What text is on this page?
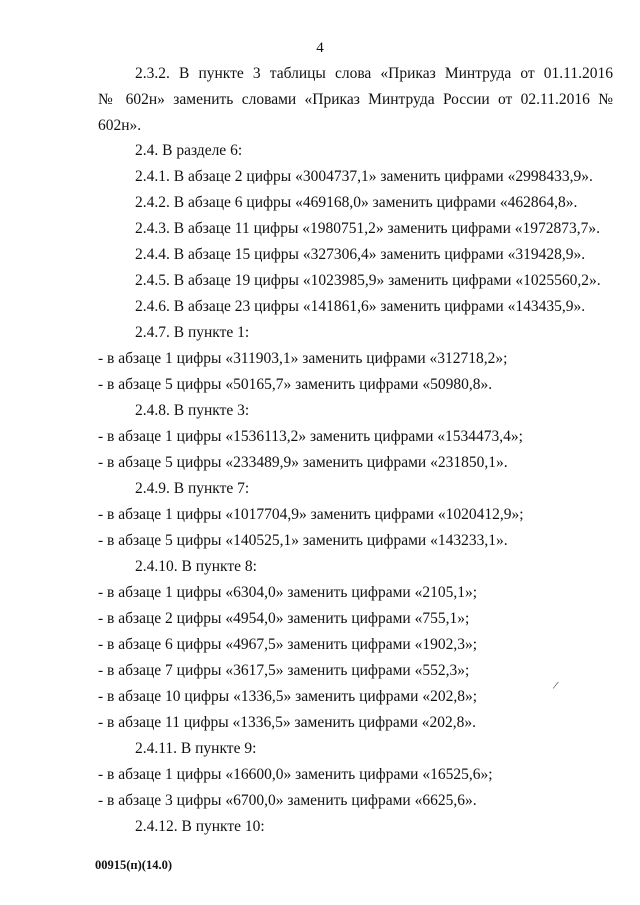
4
2.3.2. В пункте 3 таблицы слова «Приказ Минтруда от 01.11.2016
№ 602н» заменить словами «Приказ Минтруда России от 02.11.2016 №
602н».
2.4. В разделе 6:
2.4.1. В абзаце 2 цифры «3004737,1» заменить цифрами «2998433,9».
2.4.2. В абзаце 6 цифры «469168,0» заменить цифрами «462864,8».
2.4.3. В абзаце 11 цифры «1980751,2» заменить цифрами «1972873,7».
2.4.4. В абзаце 15 цифры «327306,4» заменить цифрами «319428,9».
2.4.5. В абзаце 19 цифры «1023985,9» заменить цифрами «1025560,2».
2.4.6. В абзаце 23 цифры «141861,6» заменить цифрами «143435,9».
2.4.7. В пункте 1:
- в абзаце 1 цифры «311903,1» заменить цифрами «312718,2»;
- в абзаце 5 цифры «50165,7» заменить цифрами «50980,8».
2.4.8. В пункте 3:
- в абзаце 1 цифры «1536113,2» заменить цифрами «1534473,4»;
- в абзаце 5 цифры «233489,9» заменить цифрами «231850,1».
2.4.9. В пункте 7:
- в абзаце 1 цифры «1017704,9» заменить цифрами «1020412,9»;
- в абзаце 5 цифры «140525,1» заменить цифрами «143233,1».
2.4.10. В пункте 8:
- в абзаце 1 цифры «6304,0» заменить цифрами «2105,1»;
- в абзаце 2 цифры «4954,0» заменить цифрами «755,1»;
- в абзаце 6 цифры «4967,5» заменить цифрами «1902,3»;
- в абзаце 7 цифры «3617,5» заменить цифрами «552,3»;
- в абзаце 10 цифры «1336,5» заменить цифрами «202,8»;
- в абзаце 11 цифры «1336,5» заменить цифрами «202,8».
2.4.11. В пункте 9:
- в абзаце 1 цифры «16600,0» заменить цифрами «16525,6»;
- в абзаце 3 цифры «6700,0» заменить цифрами «6625,6».
2.4.12. В пункте 10:
/
00915(п)(14.0)
